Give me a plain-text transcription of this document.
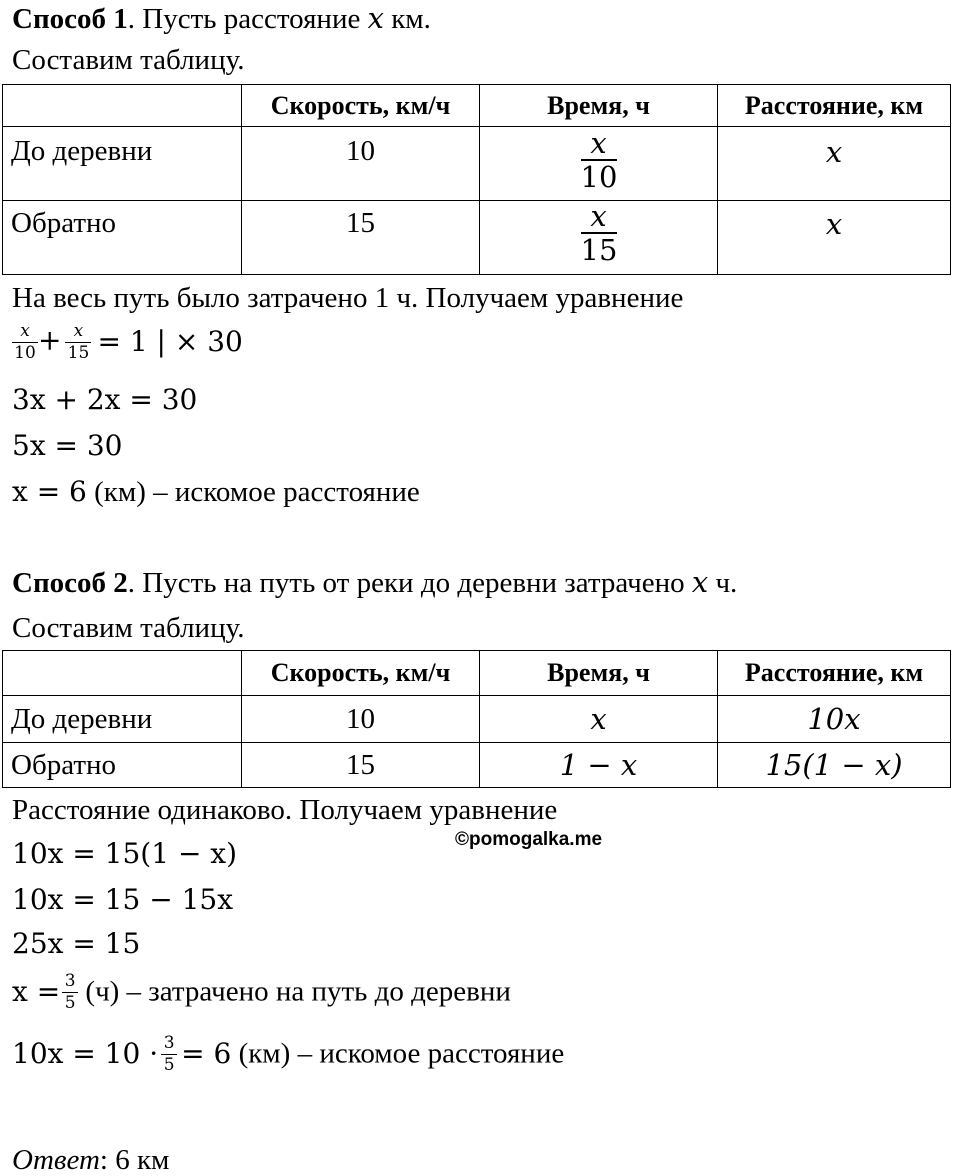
Способ 1. Пусть расстояние x км.
Составим таблицу.
	Скорость, км/ч	Время, ч	Расстояние, км
До деревни	10	$\frac{x}{10}$	x
Обратно	15	$\frac{x}{15}$	x
На весь путь было затрачено 1 ч. Получаем уравнение
$\frac{x}{10} + \frac{x}{15} = 1$ | × 30
3x + 2x = 30
5x = 30
x = 6 (км) – искомое расстояние
Способ 2. Пусть на путь от реки до деревни затрачено x ч.
Составим таблицу.
	Скорость, км/ч	Время, ч	Расстояние, км
До деревни	10	x	10x
Обратно	15	1 − x	15(1 − x)
Расстояние одинаково. Получаем уравнение
©pomogalka.me
10x = 15(1 − x)
10x = 15 − 15x
25x = 15
$x = \frac{3}{5} (ч)$ – затрачено на путь до деревни
$10x = 10 \cdot \frac{3}{5} = 6$ (км) – искомое расстояние
Ответ: 6 км
